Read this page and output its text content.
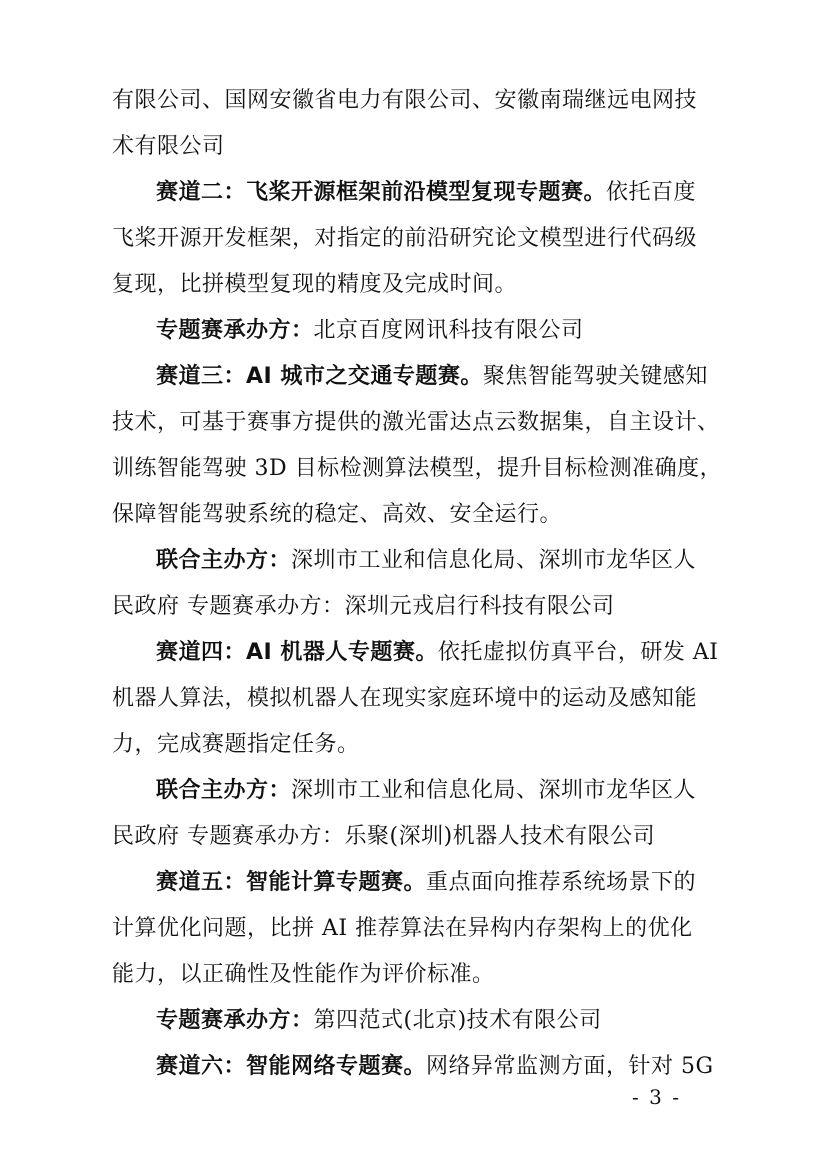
有限公司、国网安徽省电力有限公司、安徽南瑞继远电网技
术有限公司
赛道二：飞桨开源框架前沿模型复现专题赛。依托百度
飞桨开源开发框架，对指定的前沿研究论文模型进行代码级
复现，比拼模型复现的精度及完成时间。
专题赛承办方：北京百度网讯科技有限公司
赛道三：AI 城市之交通专题赛。聚焦智能驾驶关键感知
技术，可基于赛事方提供的激光雷达点云数据集，自主设计、
训练智能驾驶 3D 目标检测算法模型，提升目标检测准确度，
保障智能驾驶系统的稳定、高效、安全运行。
联合主办方：深圳市工业和信息化局、深圳市龙华区人
民政府 专题赛承办方：深圳元戎启行科技有限公司
赛道四：AI 机器人专题赛。依托虚拟仿真平台，研发 AI
机器人算法，模拟机器人在现实家庭环境中的运动及感知能
力，完成赛题指定任务。
联合主办方：深圳市工业和信息化局、深圳市龙华区人
民政府 专题赛承办方：乐聚(深圳)机器人技术有限公司
赛道五：智能计算专题赛。重点面向推荐系统场景下的
计算优化问题，比拼 AI 推荐算法在异构内存架构上的优化
能力，以正确性及性能作为评价标准。
专题赛承办方：第四范式(北京)技术有限公司
赛道六：智能网络专题赛。网络异常监测方面，针对 5G
- 3 -
